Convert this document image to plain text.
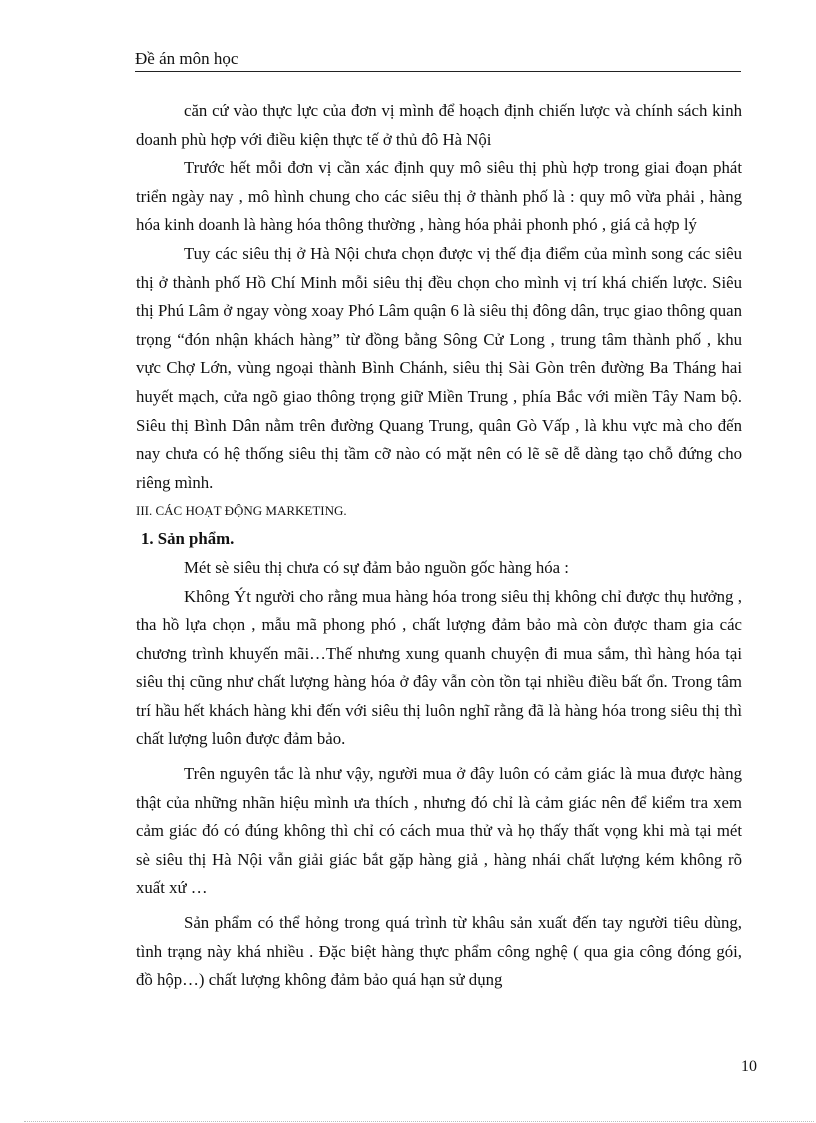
Đề án môn học

căn cứ vào thực lực của đơn vị mình để hoạch định chiến lược và chính sách kinh doanh phù hợp với điều kiện thực tế ở thủ đô Hà Nội

Trước hết mỗi đơn vị cần xác định quy mô siêu thị phù hợp trong giai đoạn phát triển ngày nay , mô hình chung cho các siêu thị ở thành phố là : quy mô vừa phải , hàng hóa kinh doanh là hàng hóa thông thường , hàng hóa phải phonh phó , giá cả hợp lý

Tuy các siêu thị ở Hà Nội chưa chọn được vị thế địa điểm của mình song các siêu thị ở thành phố Hồ Chí Minh mỗi siêu thị đều chọn cho mình vị trí khá chiến lược. Siêu thị Phú Lâm ở ngay vòng xoay Phó Lâm quận 6 là siêu thị đông dân, trục giao thông quan trọng “đón nhận khách hàng” từ đồng bằng Sông Cử Long , trung tâm thành phố , khu vực Chợ Lớn, vùng ngoại thành Bình Chánh, siêu thị Sài Gòn trên đường Ba Tháng hai huyết mạch, cửa ngõ giao thông trọng giữ Miền Trung , phía Bắc với miền Tây Nam bộ. Siêu thị Bình Dân nằm trên đường Quang Trung, quân Gò Vấp , là khu vực mà cho đến nay chưa có hệ thống siêu thị tầm cỡ nào có mặt nên có lẽ sẽ dễ dàng tạo chỗ đứng cho riêng mình.

III. CÁC HOẠT ĐỘNG MARKETING.

1. Sản phẩm.

Mét sè siêu thị chưa có sự đảm bảo nguồn gốc hàng hóa :

Không Ýt người cho rằng mua hàng hóa trong siêu thị không chỉ được thụ hưởng , tha hồ lựa chọn , mẫu mã phong phó , chất lượng đảm bảo mà còn được tham gia các chương trình khuyến mãi…Thế nhưng xung quanh chuyện đi mua sắm, thì hàng hóa tại siêu thị cũng như chất lượng hàng hóa ở đây vẫn còn tồn tại nhiều điều bất ổn. Trong tâm trí hầu hết khách hàng khi đến với siêu thị luôn nghĩ rằng đã là hàng hóa trong siêu thị thì chất lượng luôn được đảm bảo.

Trên nguyên tắc là như vậy, người mua ở đây luôn có cảm giác là mua được hàng thật của những nhãn hiệu mình ưa thích , nhưng đó chỉ là cảm giác nên để kiểm tra xem cảm giác đó có đúng không thì chỉ có cách mua thử và họ thấy thất vọng khi mà tại mét sè siêu thị Hà Nội vẫn giải giác bắt gặp hàng giả , hàng nhái chất lượng kém không rõ xuất xứ …

Sản phẩm có thể hỏng trong quá trình từ khâu sản xuất đến tay người tiêu dùng, tình trạng này khá nhiều . Đặc biệt hàng thực phẩm công nghệ ( qua gia công đóng gói, đồ hộp…) chất lượng không đảm bảo quá hạn sử dụng

10
